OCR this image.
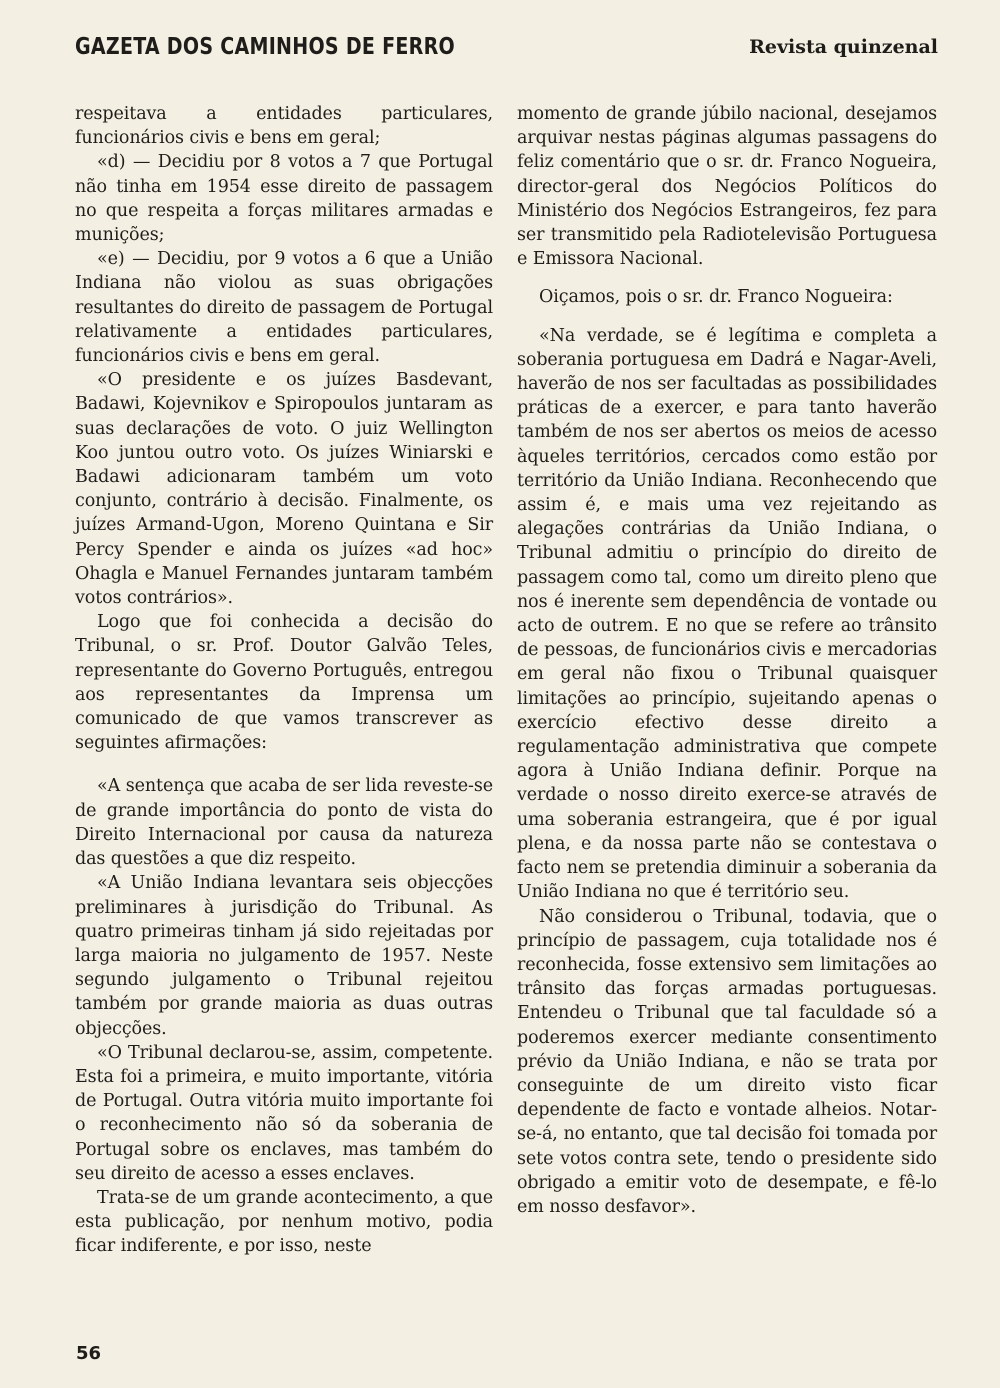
GAZETA DOS CAMINHOS DE FERRO	Revista quinzenal

respeitava a entidades particulares, funcionários civis e bens em geral;

«d) — Decidiu por 8 votos a 7 que Portugal não tinha em 1954 esse direito de passagem no que respeita a forças militares armadas e munições;

«e) — Decidiu, por 9 votos a 6 que a União Indiana não violou as suas obrigações resultantes do direito de passagem de Portugal relativamente a entidades particulares, funcionários civis e bens em geral.

«O presidente e os juízes Basdevant, Badawi, Kojevnikov e Spiropoulos juntaram as suas declarações de voto. O juiz Wellington Koo juntou outro voto. Os juízes Winiarski e Badawi adicionaram também um voto conjunto, contrário à decisão. Finalmente, os juízes Armand-Ugon, Moreno Quintana e Sir Percy Spender e ainda os juízes «ad hoc» Ohagla e Manuel Fernandes juntaram também votos contrários».

Logo que foi conhecida a decisão do Tribunal, o sr. Prof. Doutor Galvão Teles, representante do Governo Português, entregou aos representantes da Imprensa um comunicado de que vamos transcrever as seguintes afirmações:

«A sentença que acaba de ser lida reveste-se de grande importância do ponto de vista do Direito Internacional por causa da natureza das questões a que diz respeito.

«A União Indiana levantara seis objecções preliminares à jurisdição do Tribunal. As quatro primeiras tinham já sido rejeitadas por larga maioria no julgamento de 1957. Neste segundo julgamento o Tribunal rejeitou também por grande maioria as duas outras objecções.

«O Tribunal declarou-se, assim, competente. Esta foi a primeira, e muito importante, vitória de Portugal. Outra vitória muito importante foi o reconhecimento não só da soberania de Portugal sobre os enclaves, mas também do seu direito de acesso a esses enclaves.

Trata-se de um grande acontecimento, a que esta publicação, por nenhum motivo, podia ficar indiferente, e por isso, neste

momento de grande júbilo nacional, desejamos arquivar nestas páginas algumas passagens do feliz comentário que o sr. dr. Franco Nogueira, director-geral dos Negócios Políticos do Ministério dos Negócios Estrangeiros, fez para ser transmitido pela Radiotelevisão Portuguesa e Emissora Nacional.

Oiçamos, pois o sr. dr. Franco Nogueira:

«Na verdade, se é legítima e completa a soberania portuguesa em Dadrá e Nagar-Aveli, haverão de nos ser facultadas as possibilidades práticas de a exercer, e para tanto haverão também de nos ser abertos os meios de acesso àqueles territórios, cercados como estão por território da União Indiana. Reconhecendo que assim é, e mais uma vez rejeitando as alegações contrárias da União Indiana, o Tribunal admitiu o princípio do direito de passagem como tal, como um direito pleno que nos é inerente sem dependência de vontade ou acto de outrem. E no que se refere ao trânsito de pessoas, de funcionários civis e mercadorias em geral não fixou o Tribunal quaisquer limitações ao princípio, sujeitando apenas o exercício efectivo desse direito a regulamentação administrativa que compete agora à União Indiana definir. Porque na verdade o nosso direito exerce-se através de uma soberania estrangeira, que é por igual plena, e da nossa parte não se contestava o facto nem se pretendia diminuir a soberania da União Indiana no que é território seu.

Não considerou o Tribunal, todavia, que o princípio de passagem, cuja totalidade nos é reconhecida, fosse extensivo sem limitações ao trânsito das forças armadas portuguesas. Entendeu o Tribunal que tal faculdade só a poderemos exercer mediante consentimento prévio da União Indiana, e não se trata por conseguinte de um direito visto ficar dependente de facto e vontade alheios. Notar-se-á, no entanto, que tal decisão foi tomada por sete votos contra sete, tendo o presidente sido obrigado a emitir voto de desempate, e fê-lo em nosso desfavor».

56
